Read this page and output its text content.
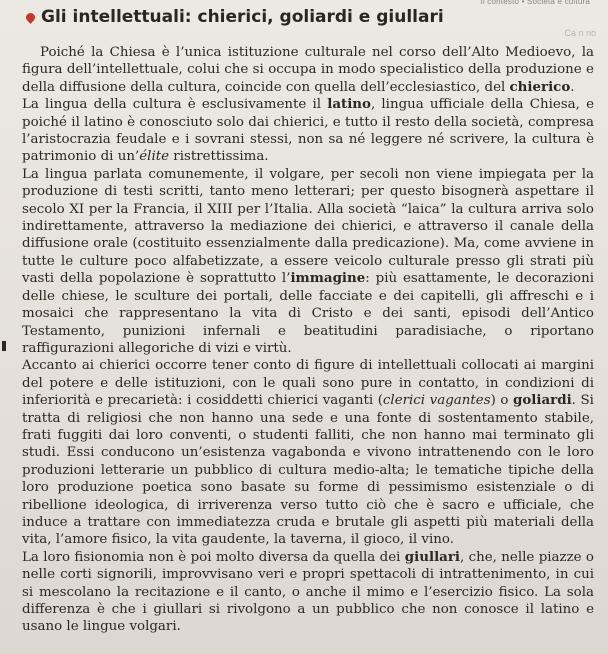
Il contesto • Società e cultura
Gli intellettuali: chierici, goliardi e giullari
Ca n no

Poiché la Chiesa è l’unica istituzione culturale nel corso dell’Alto Medioevo, la figura dell’intellettuale, colui che si occupa in modo specialistico della produzione e della diffusione della cultura, coincide con quella dell’ecclesiastico, del chierico.

La lingua della cultura è esclusivamente il latino, lingua ufficiale della Chiesa, e poiché il latino è conosciuto solo dai chierici, e tutto il resto della società, compresa l’aristocrazia feudale e i sovrani stessi, non sa né leggere né scrivere, la cultura è patrimonio di un’élite ristrettissima.

La lingua parlata comunemente, il volgare, per secoli non viene impiegata per la produzione di testi scritti, tanto meno letterari; per questo bisognerà aspettare il secolo XI per la Francia, il XIII per l’Italia. Alla società “laica” la cultura arriva solo indirettamente, attraverso la mediazione dei chierici, e attraverso il canale della diffusione orale (costituito essenzialmente dalla predicazione). Ma, come avviene in tutte le culture poco alfabetizzate, a essere veicolo culturale presso gli strati più vasti della popolazione è soprattutto l’immagine: più esattamente, le decorazioni delle chiese, le sculture dei portali, delle facciate e dei capitelli, gli affreschi e i mosaici che rappresentano la vita di Cristo e dei santi, episodi dell’Antico Testamento, punizioni infernali e beatitudini paradisiache, o riportano raffigurazioni allegoriche di vizi e virtù.

Accanto ai chierici occorre tener conto di figure di intellettuali collocati ai margini del potere e delle istituzioni, con le quali sono pure in contatto, in condizioni di inferiorità e precarietà: i cosiddetti chierici vaganti (clerici vagantes) o goliardi. Si tratta di religiosi che non hanno una sede e una fonte di sostentamento stabile, frati fuggiti dai loro conventi, o studenti falliti, che non hanno mai terminato gli studi. Essi conducono un’esistenza vagabonda e vivono intrattenendo con le loro produzioni letterarie un pubblico di cultura medio-alta; le tematiche tipiche della loro produzione poetica sono basate su forme di pessimismo esistenziale o di ribellione ideologica, di irriverenza verso tutto ciò che è sacro e ufficiale, che induce a trattare con immediatezza cruda e brutale gli aspetti più materiali della vita, l’amore fisico, la vita gaudente, la taverna, il gioco, il vino.

La loro fisionomia non è poi molto diversa da quella dei giullari, che, nelle piazze o nelle corti signorili, improvvisano veri e propri spettacoli di intrattenimento, in cui si mescolano la recitazione e il canto, o anche il mimo e l’esercizio fisico. La sola differenza è che i giullari si rivolgono a un pubblico che non conosce il latino e usano le lingue volgari.
